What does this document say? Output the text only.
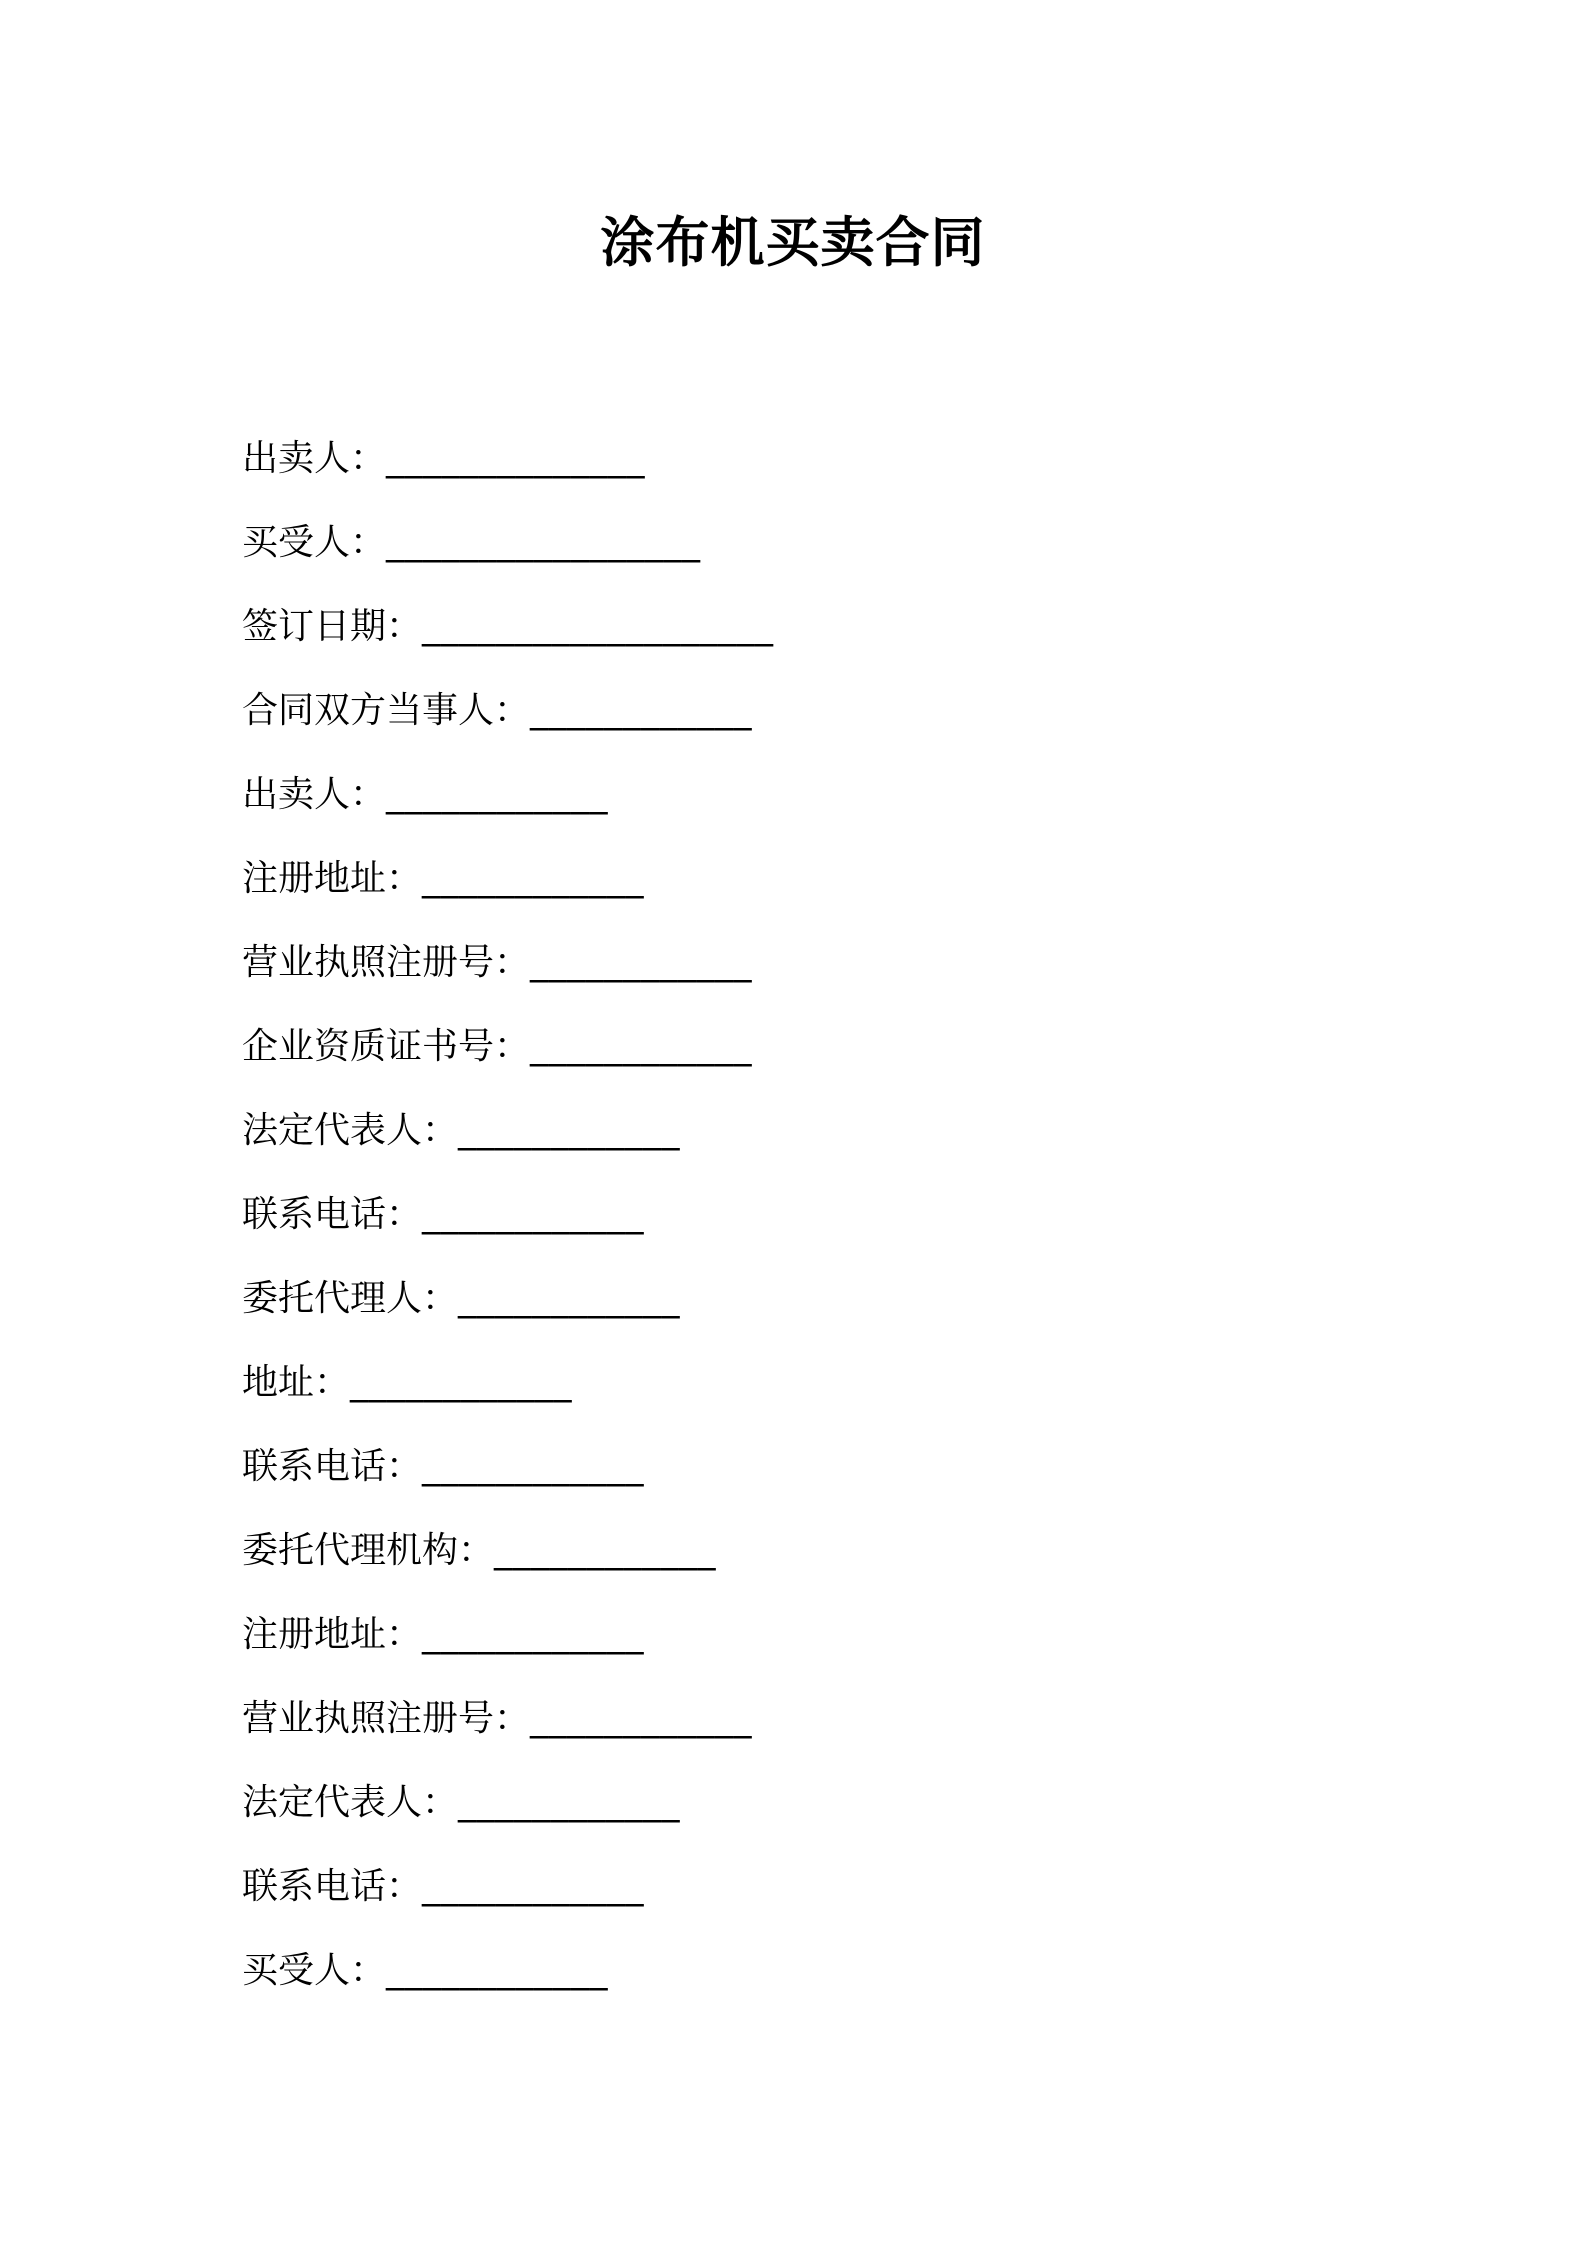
涂布机买卖合同
出卖人： ______________
买受人： _________________
签订日期： ___________________
合同双方当事人： ____________
出卖人： ____________
注册地址： ____________
营业执照注册号： ____________
企业资质证书号： ____________
法定代表人： ____________
联系电话： ____________
委托代理人： ____________
地址： ____________
联系电话： ____________
委托代理机构： ____________
注册地址： ____________
营业执照注册号： ____________
法定代表人： ____________
联系电话： ____________
买受人： ____________
